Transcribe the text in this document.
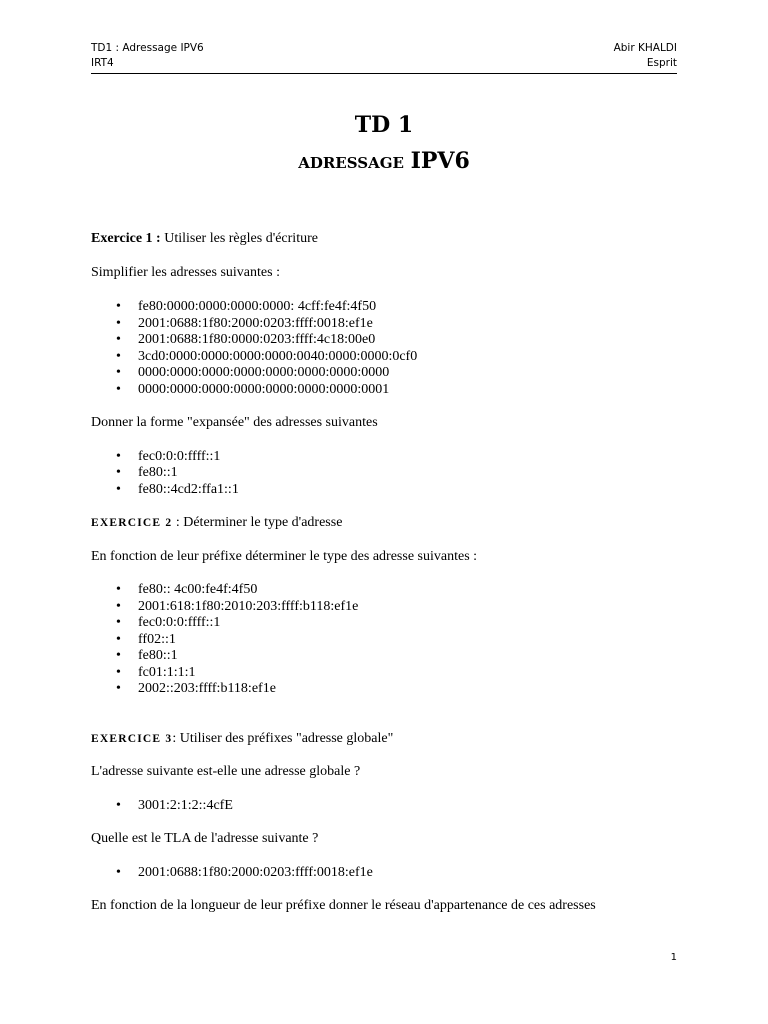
TD1 : Adressage IPV6	Abir KHALDI
IRT4	Esprit
TD 1
ADRESSAGE IPV6

Exercice 1 : Utiliser les règles d'écriture

Simplifier les adresses suivantes :

• fe80:0000:0000:0000:0000: 4cff:fe4f:4f50
• 2001:0688:1f80:2000:0203:ffff:0018:ef1e
• 2001:0688:1f80:0000:0203:ffff:4c18:00e0
• 3cd0:0000:0000:0000:0000:0040:0000:0000:0cf0
• 0000:0000:0000:0000:0000:0000:0000:0000
• 0000:0000:0000:0000:0000:0000:0000:0001

Donner la forme "expansée" des adresses suivantes

• fec0:0:0:ffff::1
• fe80::1
• fe80::4cd2:ffa1::1

EXERCICE 2 : Déterminer le type d'adresse

En fonction de leur préfixe déterminer le type des adresse suivantes :

• fe80:: 4c00:fe4f:4f50
• 2001:618:1f80:2010:203:ffff:b118:ef1e
• fec0:0:0:ffff::1
• ff02::1
• fe80::1
• fc01:1:1:1
• 2002::203:ffff:b118:ef1e

EXERCICE 3: Utiliser des préfixes "adresse globale"

L'adresse suivante est-elle une adresse globale ?

• 3001:2:1:2::4cfE

Quelle est le TLA de l'adresse suivante ?

• 2001:0688:1f80:2000:0203:ffff:0018:ef1e

En fonction de la longueur de leur préfixe donner le réseau d'appartenance de ces adresses

1
